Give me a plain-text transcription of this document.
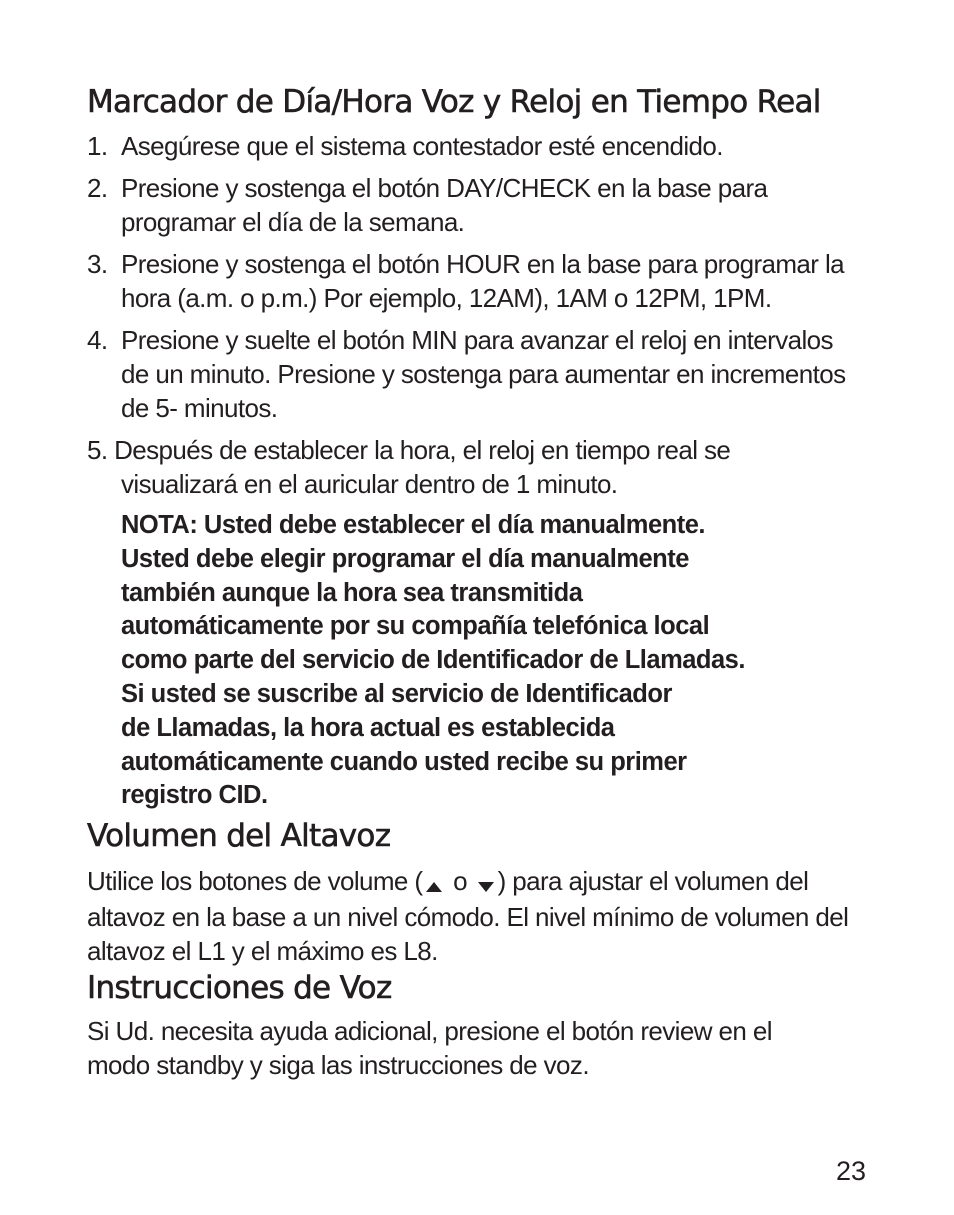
Marcador de Día/Hora Voz y Reloj en Tiempo Real
1. Asegúrese que el sistema contestador esté encendido.
2. Presione y sostenga el botón DAY/CHECK en la base para programar el día de la semana.
3. Presione y sostenga el botón HOUR en la base para programar la hora (a.m. o p.m.) Por ejemplo, 12AM), 1AM o 12PM, 1PM.
4. Presione y suelte el botón MIN para avanzar el reloj en intervalos de un minuto. Presione y sostenga para aumentar en incrementos de 5- minutos.
5. Después de establecer la hora, el reloj en tiempo real se
visualizará en el auricular dentro de 1 minuto.
NOTA: Usted debe establecer el día manualmente.
Usted debe elegir programar el día manualmente
también aunque la hora sea transmitida
automáticamente por su compañía telefónica local
como parte del servicio de Identificador de Llamadas.
Si usted se suscribe al servicio de Identificador
de Llamadas, la hora actual es establecida
automáticamente cuando usted recibe su primer
registro CID.
Volumen del Altavoz
Utilice los botones de volume ( o ) para ajustar el volumen del
altavoz en la base a un nivel cómodo. El nivel mínimo de volumen del
altavoz el L1 y el máximo es L8.
Instrucciones de Voz
Si Ud. necesita ayuda adicional, presione el botón review en el
modo standby y siga las instrucciones de voz.
23
